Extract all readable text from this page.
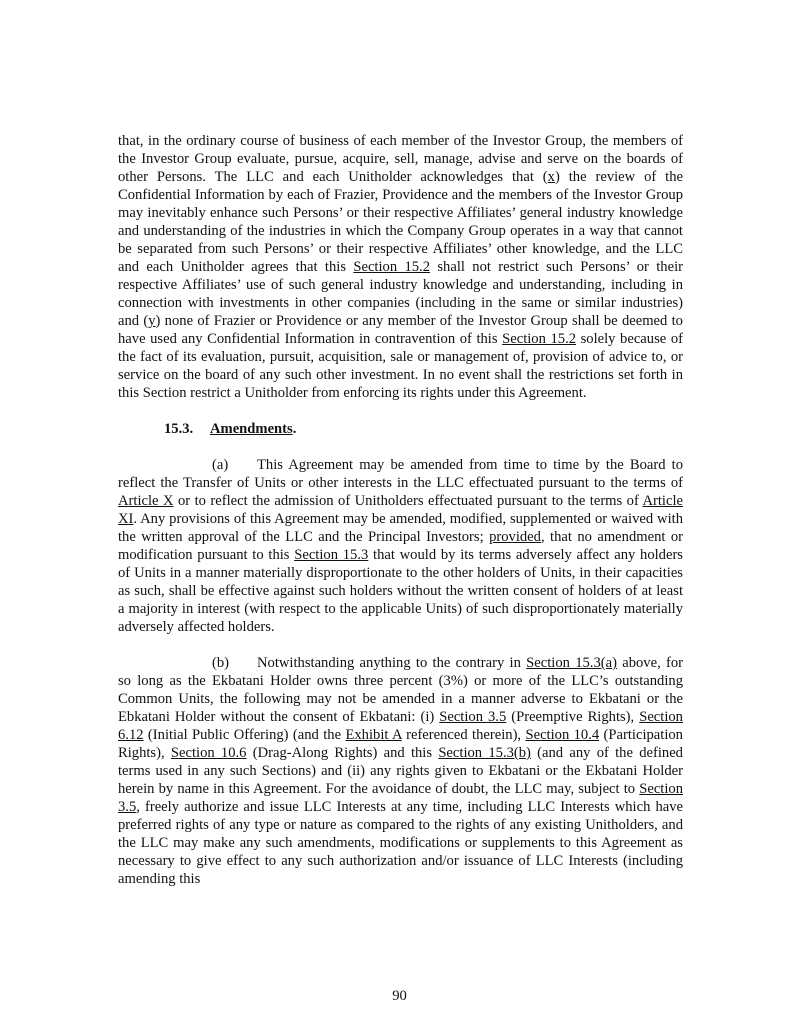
that, in the ordinary course of business of each member of the Investor Group, the members of the Investor Group evaluate, pursue, acquire, sell, manage, advise and serve on the boards of other Persons. The LLC and each Unitholder acknowledges that (x) the review of the Confidential Information by each of Frazier, Providence and the members of the Investor Group may inevitably enhance such Persons’ or their respective Affiliates’ general industry knowledge and understanding of the industries in which the Company Group operates in a way that cannot be separated from such Persons’ or their respective Affiliates’ other knowledge, and the LLC and each Unitholder agrees that this Section 15.2 shall not restrict such Persons’ or their respective Affiliates’ use of such general industry knowledge and understanding, including in connection with investments in other companies (including in the same or similar industries) and (y) none of Frazier or Providence or any member of the Investor Group shall be deemed to have used any Confidential Information in contravention of this Section 15.2 solely because of the fact of its evaluation, pursuit, acquisition, sale or management of, provision of advice to, or service on the board of any such other investment. In no event shall the restrictions set forth in this Section restrict a Unitholder from enforcing its rights under this Agreement.

15.3. Amendments.

(a) This Agreement may be amended from time to time by the Board to reflect the Transfer of Units or other interests in the LLC effectuated pursuant to the terms of Article X or to reflect the admission of Unitholders effectuated pursuant to the terms of Article XI. Any provisions of this Agreement may be amended, modified, supplemented or waived with the written approval of the LLC and the Principal Investors; provided, that no amendment or modification pursuant to this Section 15.3 that would by its terms adversely affect any holders of Units in a manner materially disproportionate to the other holders of Units, in their capacities as such, shall be effective against such holders without the written consent of holders of at least a majority in interest (with respect to the applicable Units) of such disproportionately materially adversely affected holders.

(b) Notwithstanding anything to the contrary in Section 15.3(a) above, for so long as the Ekbatani Holder owns three percent (3%) or more of the LLC’s outstanding Common Units, the following may not be amended in a manner adverse to Ekbatani or the Ebkatani Holder without the consent of Ekbatani: (i) Section 3.5 (Preemptive Rights), Section 6.12 (Initial Public Offering) (and the Exhibit A referenced therein), Section 10.4 (Participation Rights), Section 10.6 (Drag-Along Rights) and this Section 15.3(b) (and any of the defined terms used in any such Sections) and (ii) any rights given to Ekbatani or the Ekbatani Holder herein by name in this Agreement. For the avoidance of doubt, the LLC may, subject to Section 3.5, freely authorize and issue LLC Interests at any time, including LLC Interests which have preferred rights of any type or nature as compared to the rights of any existing Unitholders, and the LLC may make any such amendments, modifications or supplements to this Agreement as necessary to give effect to any such authorization and/or issuance of LLC Interests (including amending this

90
